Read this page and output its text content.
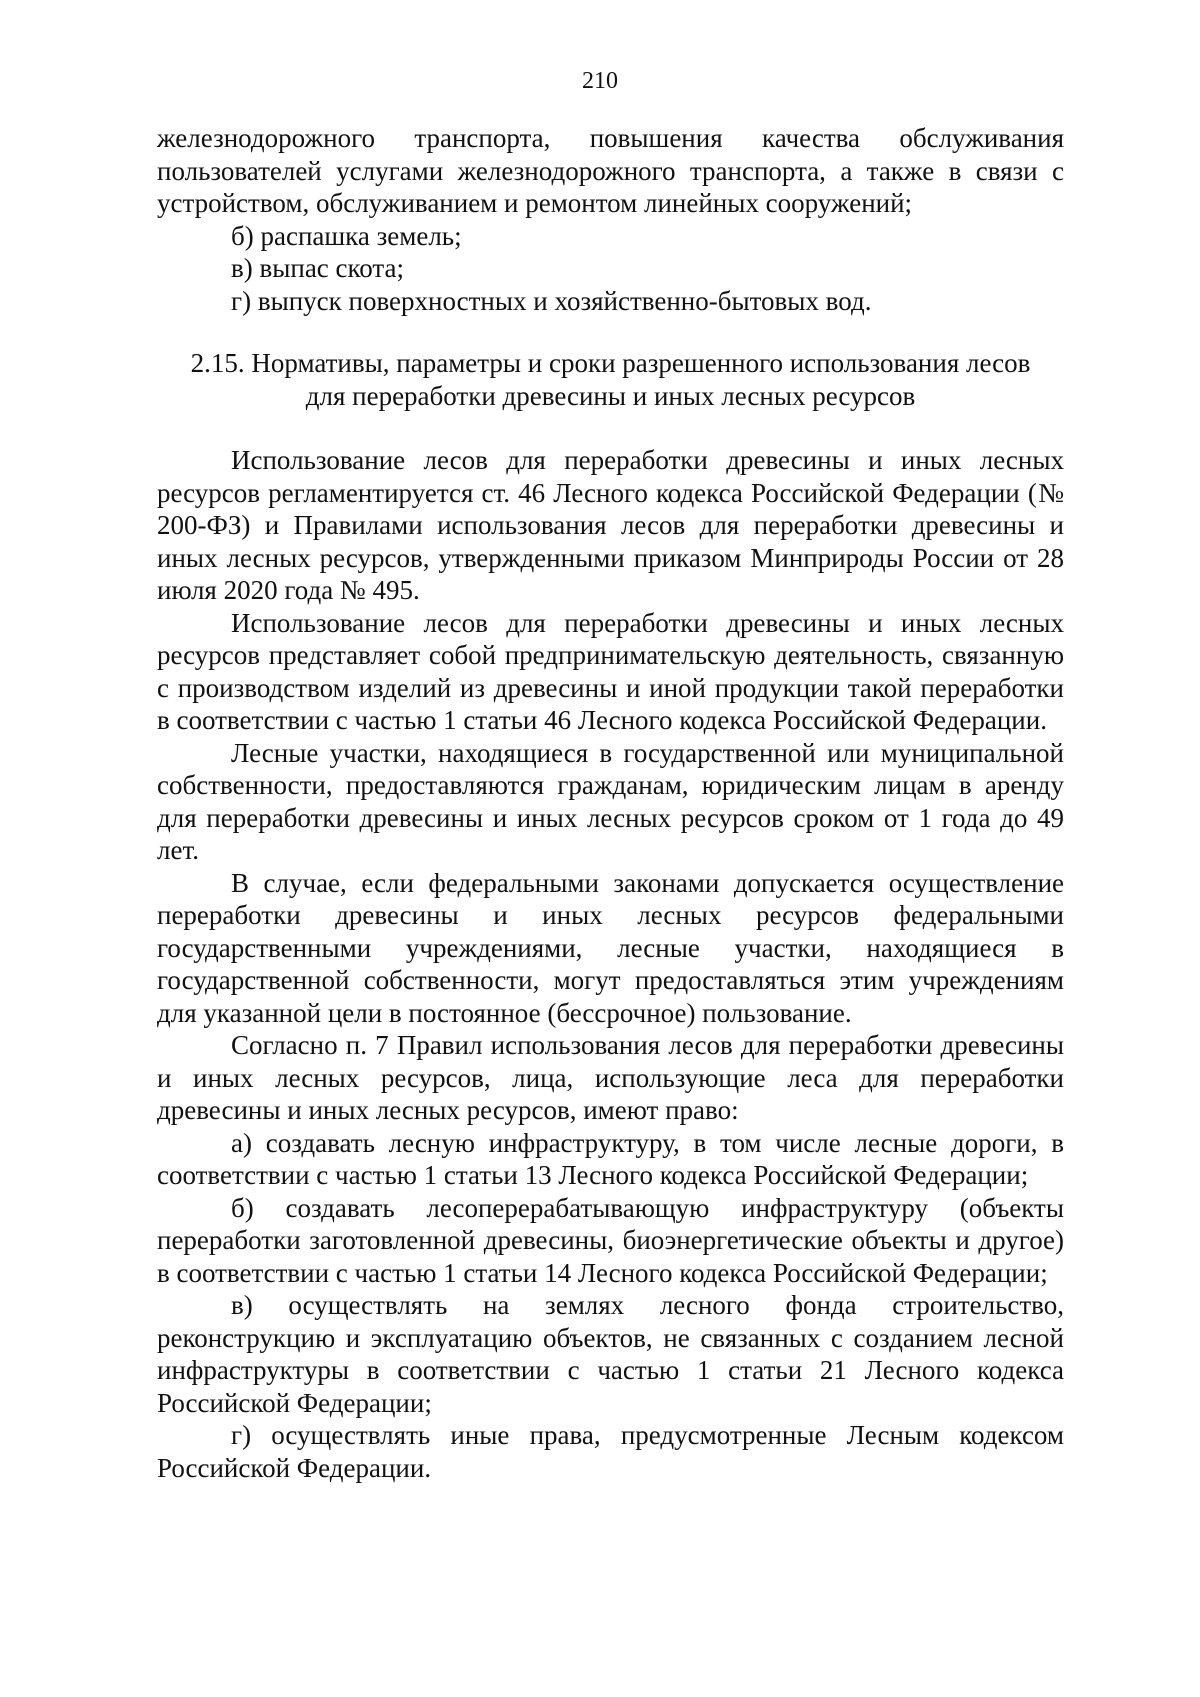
210

железнодорожного транспорта, повышения качества обслуживания пользователей услугами железнодорожного транспорта, а также в связи с устройством, обслуживанием и ремонтом линейных сооружений;

б) распашка земель;

в) выпас скота;

г) выпуск поверхностных и хозяйственно-бытовых вод.

2.15. Нормативы, параметры и сроки разрешенного использования лесов
для переработки древесины и иных лесных ресурсов

Использование лесов для переработки древесины и иных лесных ресурсов регламентируется ст. 46 Лесного кодекса Российской Федерации (№ 200-ФЗ) и Правилами использования лесов для переработки древесины и иных лесных ресурсов, утвержденными приказом Минприроды России от 28 июля 2020 года № 495.

Использование лесов для переработки древесины и иных лесных ресурсов представляет собой предпринимательскую деятельность, связанную с производством изделий из древесины и иной продукции такой переработки в соответствии с частью 1 статьи 46 Лесного кодекса Российской Федерации.

Лесные участки, находящиеся в государственной или муниципальной собственности, предоставляются гражданам, юридическим лицам в аренду для переработки древесины и иных лесных ресурсов сроком от 1 года до 49 лет.

В случае, если федеральными законами допускается осуществление переработки древесины и иных лесных ресурсов федеральными государственными учреждениями, лесные участки, находящиеся в государственной собственности, могут предоставляться этим учреждениям для указанной цели в постоянное (бессрочное) пользование.

Согласно п. 7 Правил использования лесов для переработки древесины и иных лесных ресурсов, лица, использующие леса для переработки древесины и иных лесных ресурсов, имеют право:

а) создавать лесную инфраструктуру, в том числе лесные дороги, в соответствии с частью 1 статьи 13 Лесного кодекса Российской Федерации;

б) создавать лесоперерабатывающую инфраструктуру (объекты переработки заготовленной древесины, биоэнергетические объекты и другое) в соответствии с частью 1 статьи 14 Лесного кодекса Российской Федерации;

в) осуществлять на землях лесного фонда строительство, реконструкцию и эксплуатацию объектов, не связанных с созданием лесной инфраструктуры в соответствии с частью 1 статьи 21 Лесного кодекса Российской Федерации;

г) осуществлять иные права, предусмотренные Лесным кодексом Российской Федерации.
